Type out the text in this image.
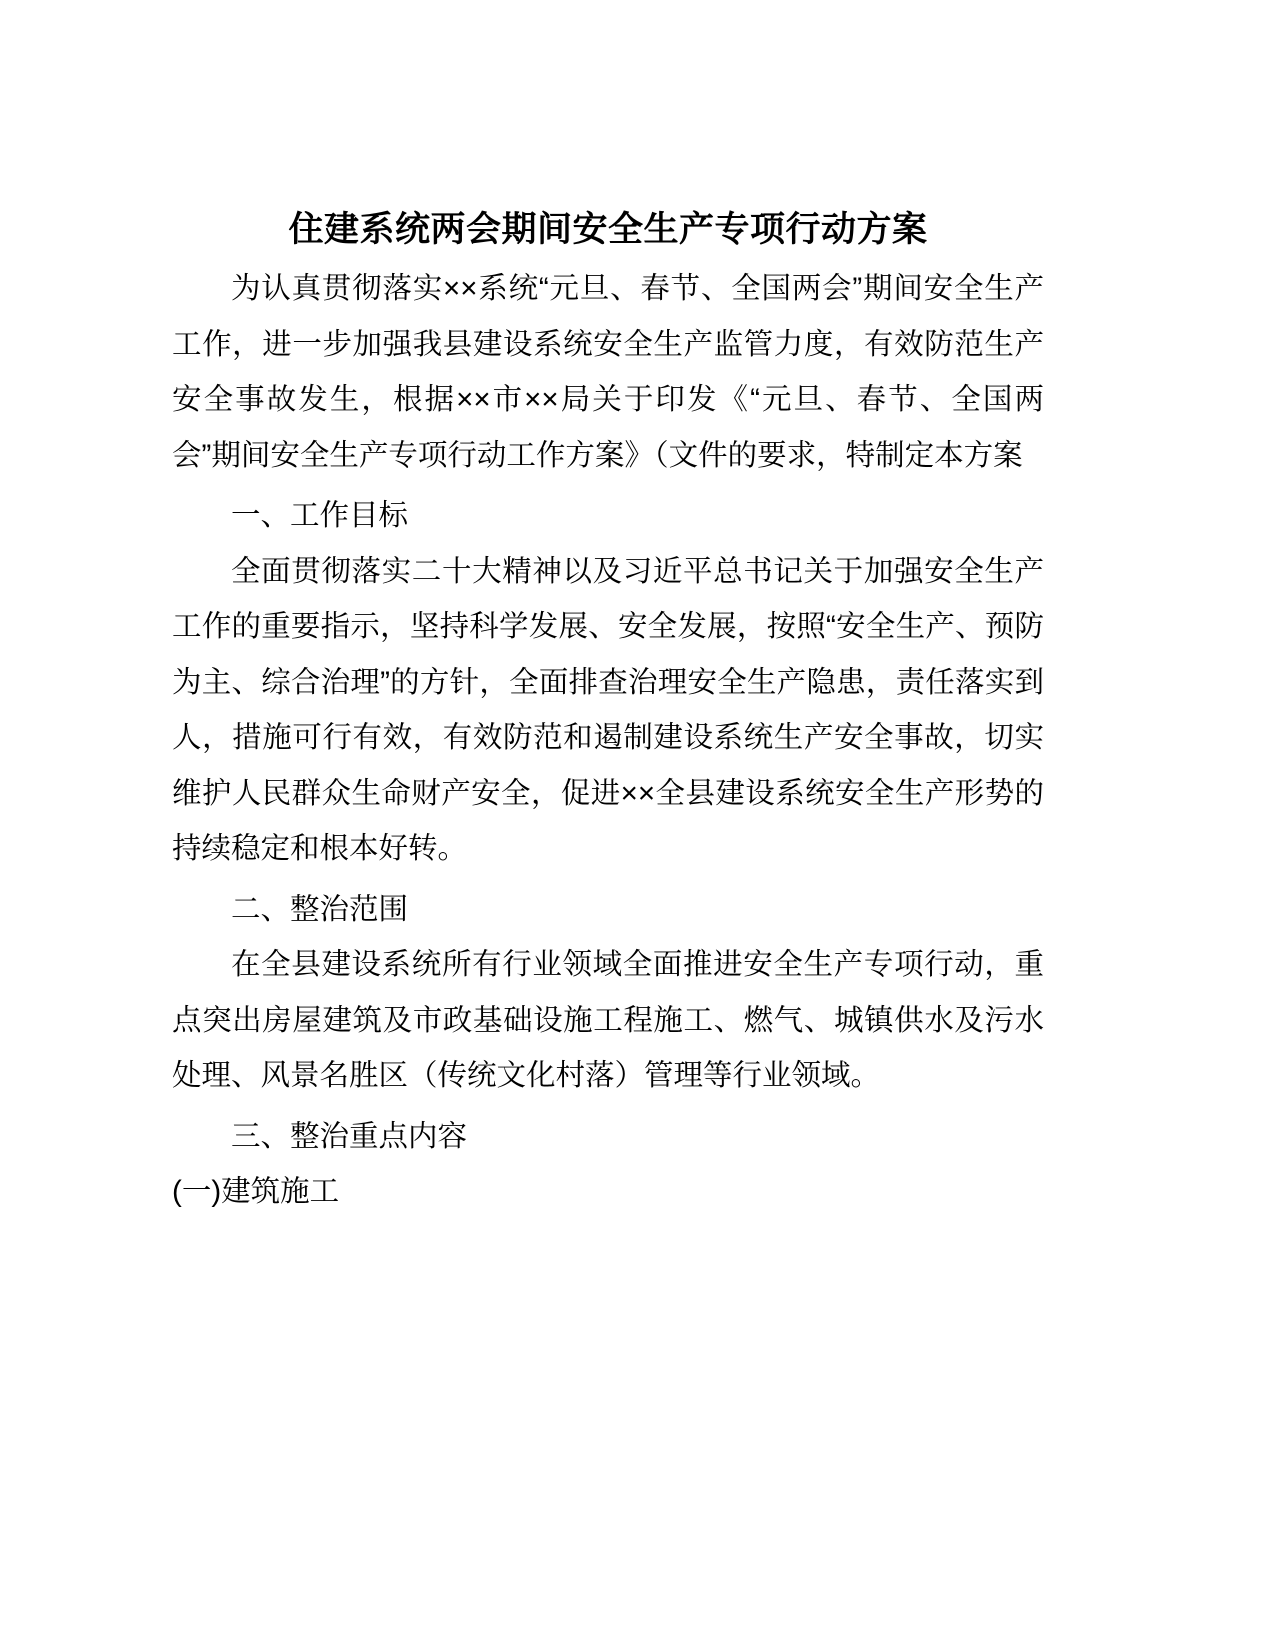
住建系统两会期间安全生产专项行动方案

为认真贯彻落实××系统“元旦、春节、全国两会”期间安全生产工作，进一步加强我县建设系统安全生产监管力度，有效防范生产安全事故发生，根据××市××局关于印发《“元旦、春节、全国两会”期间安全生产专项行动工作方案》（文件的要求，特制定本方案

一、工作目标

全面贯彻落实二十大精神以及习近平总书记关于加强安全生产工作的重要指示，坚持科学发展、安全发展，按照“安全生产、预防为主、综合治理”的方针，全面排查治理安全生产隐患，责任落实到人，措施可行有效，有效防范和遏制建设系统生产安全事故，切实维护人民群众生命财产安全，促进××全县建设系统安全生产形势的持续稳定和根本好转。

二、整治范围

在全县建设系统所有行业领域全面推进安全生产专项行动，重点突出房屋建筑及市政基础设施工程施工、燃气、城镇供水及污水处理、风景名胜区（传统文化村落）管理等行业领域。

三、整治重点内容

(一)建筑施工
